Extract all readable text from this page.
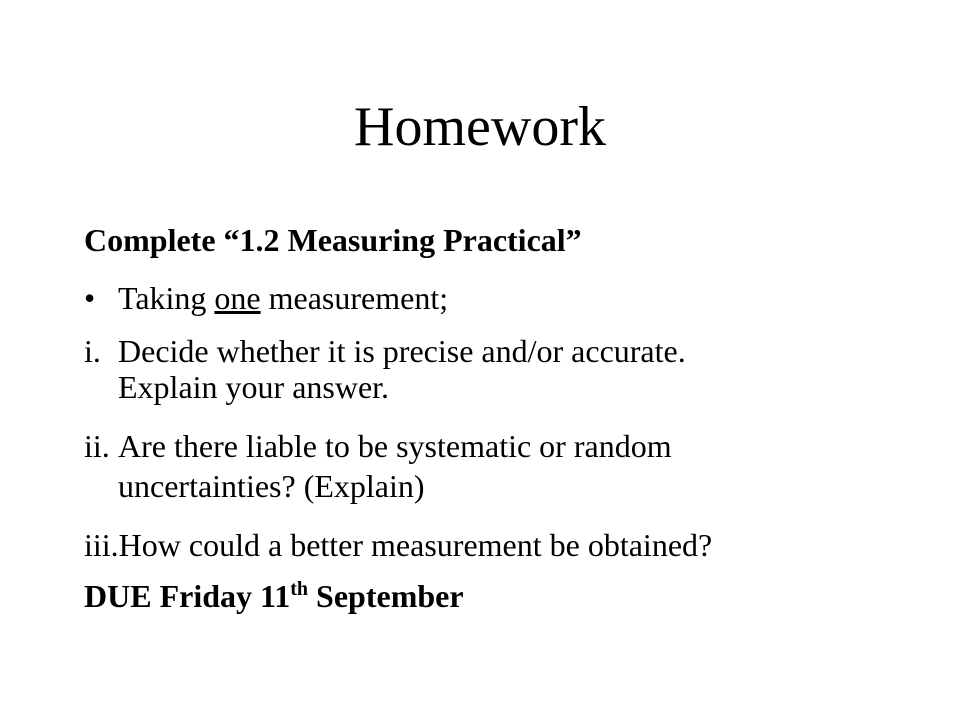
Homework
Complete “1.2 Measuring Practical”
• Taking one measurement;
i. Decide whether it is precise and/or accurate.
Explain your answer.
ii. Are there liable to be systematic or random
uncertainties? (Explain)
iii.How could a better measurement be obtained?
DUE Friday 11th September
